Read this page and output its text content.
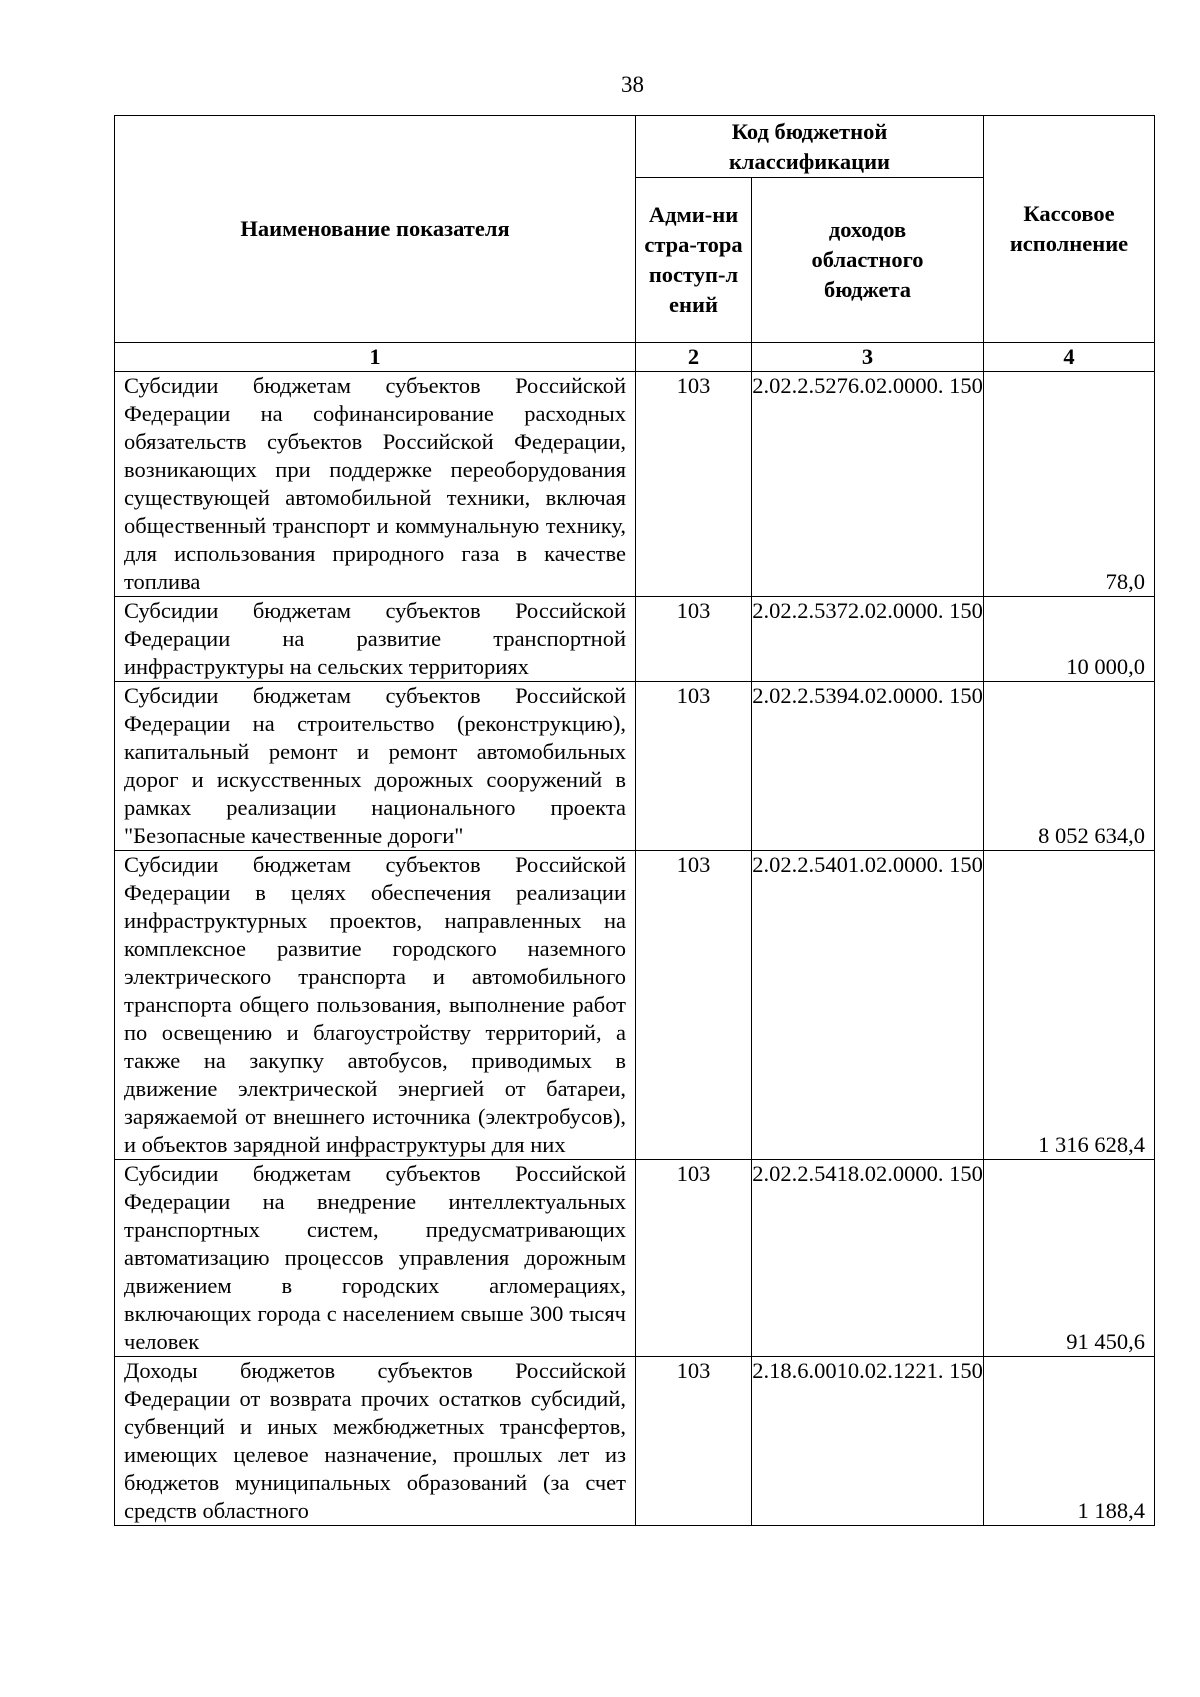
38
Наименование показателя	Код бюджетной классификации		Кассовое исполнение

	Адми-нистра-тора поступ-лений	доходов областного бюджета	
1	2	3	4
Субсидии бюджетам субъектов Российской Федерации на софинансирование расходных обязательств субъектов Российской Федерации, возникающих при поддержке переоборудования существующей автомобильной техники, включая общественный транспорт и коммунальную технику, для использования природного газа в качестве топлива	103	2.02.2.5276.02.0000. 150	78,0
Субсидии бюджетам субъектов Российской Федерации на развитие транспортной инфраструктуры на сельских территориях	103	2.02.2.5372.02.0000. 150	10 000,0
Субсидии бюджетам субъектов Российской Федерации на строительство (реконструкцию), капитальный ремонт и ремонт автомобильных дорог и искусственных дорожных сооружений в рамках реализации национального проекта "Безопасные качественные дороги"	103	2.02.2.5394.02.0000. 150	8 052 634,0
Субсидии бюджетам субъектов Российской Федерации в целях обеспечения реализации инфраструктурных проектов, направленных на комплексное развитие городского наземного электрического транспорта и автомобильного транспорта общего пользования, выполнение работ по освещению и благоустройству территорий, а также на закупку автобусов, приводимых в движение электрической энергией от батареи, заряжаемой от внешнего источника (электробусов), и объектов зарядной инфраструктуры для них	103	2.02.2.5401.02.0000. 150	1 316 628,4
Субсидии бюджетам субъектов Российской Федерации на внедрение интеллектуальных транспортных систем, предусматривающих автоматизацию процессов управления дорожным движением в городских агломерациях, включающих города с населением свыше 300 тысяч человек	103	2.02.2.5418.02.0000. 150	91 450,6
Доходы бюджетов субъектов Российской Федерации от возврата прочих остатков субсидий, субвенций и иных межбюджетных трансфертов, имеющих целевое назначение, прошлых лет из бюджетов муниципальных образований (за счет средств областного	103	2.18.6.0010.02.1221. 150	1 188,4
